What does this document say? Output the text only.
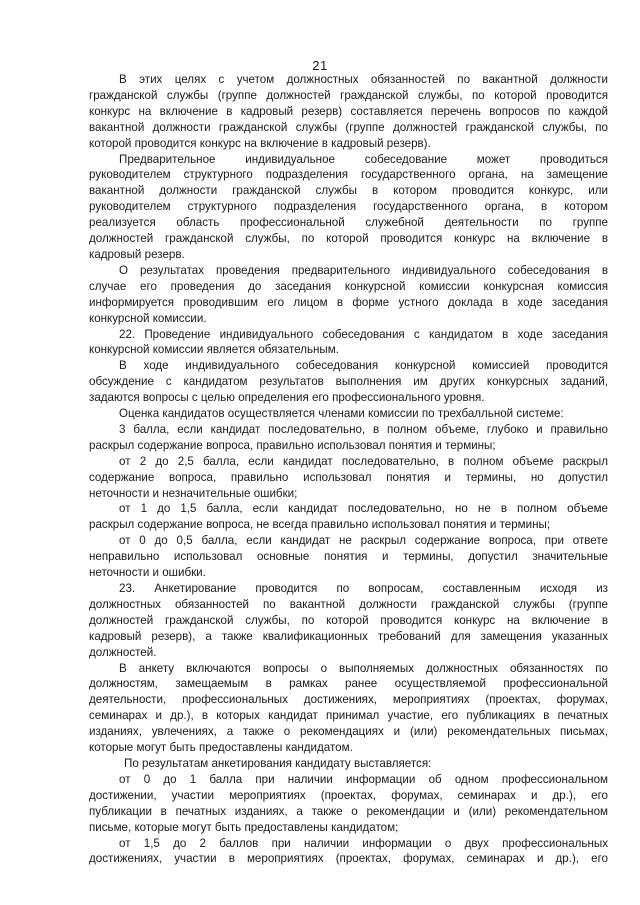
21

В этих целях с учетом должностных обязанностей по вакантной должности
гражданской службы (группе должностей гражданской службы, по которой проводится
конкурс на включение в кадровый резерв) составляется перечень вопросов по каждой
вакантной должности гражданской службы (группе должностей гражданской службы, по
которой проводится конкурс на включение в кадровый резерв).

Предварительное индивидуальное собеседование может проводиться
руководителем структурного подразделения государственного органа, на замещение
вакантной должности гражданской службы в котором проводится конкурс, или
руководителем структурного подразделения государственного органа, в котором
реализуется область профессиональной служебной деятельности по группе
должностей гражданской службы, по которой проводится конкурс на включение в
кадровый резерв.

О результатах проведения предварительного индивидуального собеседования в
случае его проведения до заседания конкурсной комиссии конкурсная комиссия
информируется проводившим его лицом в форме устного доклада в ходе заседания
конкурсной комиссии.

22. Проведение индивидуального собеседования с кандидатом в ходе заседания
конкурсной комиссии является обязательным.

В ходе индивидуального собеседования конкурсной комиссией проводится
обсуждение с кандидатом результатов выполнения им других конкурсных заданий,
задаются вопросы с целью определения его профессионального уровня.

Оценка кандидатов осуществляется членами комиссии по трехбалльной системе:

3 балла, если кандидат последовательно, в полном объеме, глубоко и правильно
раскрыл содержание вопроса, правильно использовал понятия и термины;

от 2 до 2,5 балла, если кандидат последовательно, в полном объеме раскрыл
содержание вопроса, правильно использовал понятия и термины, но допустил
неточности и незначительные ошибки;

от 1 до 1,5 балла, если кандидат последовательно, но не в полном объеме
раскрыл содержание вопроса, не всегда правильно использовал понятия и термины;

от 0 до 0,5 балла, если кандидат не раскрыл содержание вопроса, при ответе
неправильно использовал основные понятия и термины, допустил значительные
неточности и ошибки.

23. Анкетирование проводится по вопросам, составленным исходя из
должностных обязанностей по вакантной должности гражданской службы (группе
должностей гражданской службы, по которой проводится конкурс на включение в
кадровый резерв), а также квалификационных требований для замещения указанных
должностей.

В анкету включаются вопросы о выполняемых должностных обязанностях по
должностям, замещаемым в рамках ранее осуществляемой профессиональной
деятельности, профессиональных достижениях, мероприятиях (проектах, форумах,
семинарах и др.), в которых кандидат принимал участие, его публикациях в печатных
изданиях, увлечениях, а также о рекомендациях и (или) рекомендательных письмах,
которые могут быть предоставлены кандидатом.

По результатам анкетирования кандидату выставляется:

от 0 до 1 балла при наличии информации об одном профессиональном
достижении, участии мероприятиях (проектах, форумах, семинарах и др.), его
публикации в печатных изданиях, а также о рекомендации и (или) рекомендательном
письме, которые могут быть предоставлены кандидатом;

от 1,5 до 2 баллов при наличии информации о двух профессиональных
достижениях, участии в мероприятиях (проектах, форумах, семинарах и др.), его
